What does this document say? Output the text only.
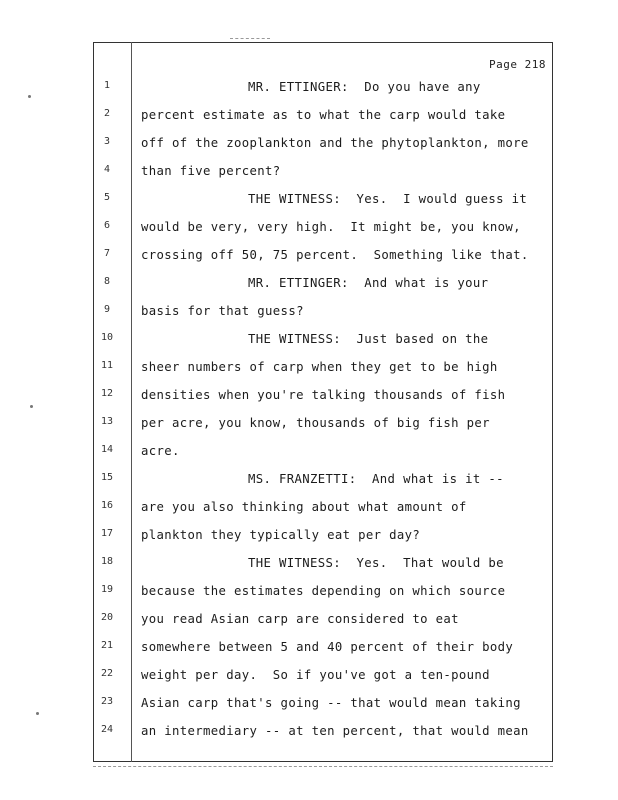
Page 218
1	MR. ETTINGER:  Do you have any
2	percent estimate as to what the carp would take
3	off of the zooplankton and the phytoplankton, more
4	than five percent?
5	THE WITNESS:  Yes.  I would guess it
6	would be very, very high.  It might be, you know,
7	crossing off 50, 75 percent.  Something like that.
8	MR. ETTINGER:  And what is your
9	basis for that guess?
10	THE WITNESS:  Just based on the
11	sheer numbers of carp when they get to be high
12	densities when you're talking thousands of fish
13	per acre, you know, thousands of big fish per
14	acre.
15	MS. FRANZETTI:  And what is it --
16	are you also thinking about what amount of
17	plankton they typically eat per day?
18	THE WITNESS:  Yes.  That would be
19	because the estimates depending on which source
20	you read Asian carp are considered to eat
21	somewhere between 5 and 40 percent of their body
22	weight per day.  So if you've got a ten-pound
23	Asian carp that's going -- that would mean taking
24	an intermediary -- at ten percent, that would mean
